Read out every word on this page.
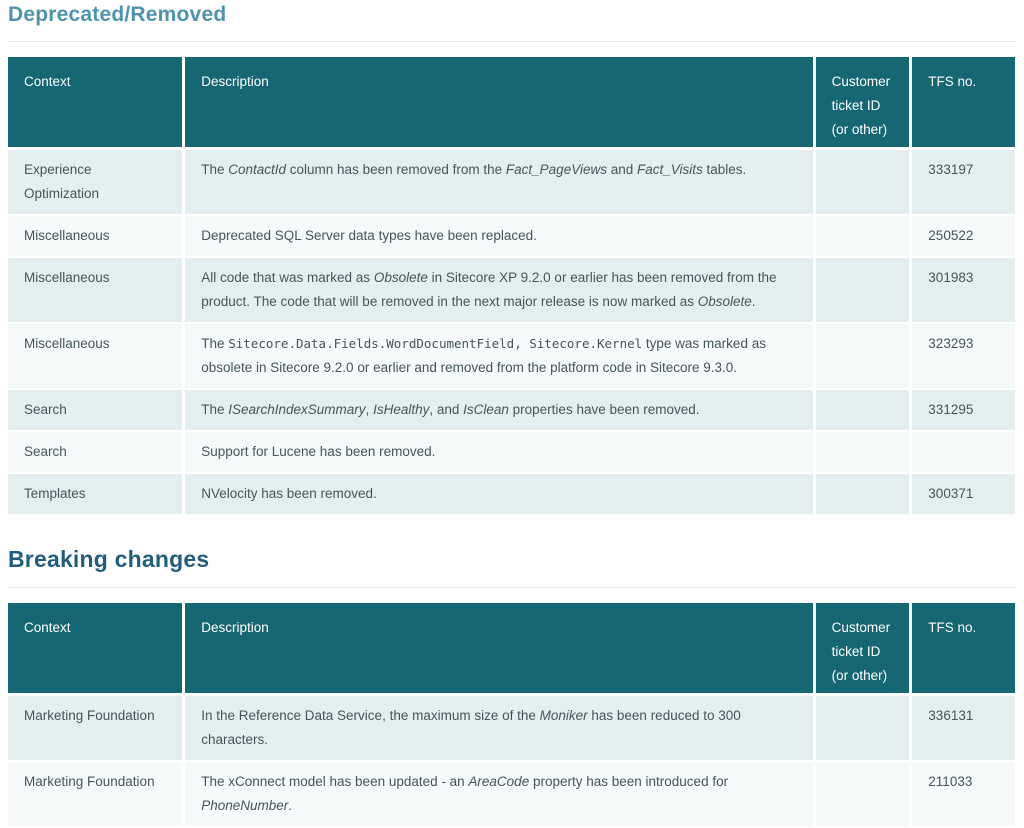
Deprecated/Removed
Context	Description	Customer ticket ID (or other)	TFS no.
Experience Optimization	The ContactId column has been removed from the Fact_PageViews and Fact_Visits tables.		333197
Miscellaneous	Deprecated SQL Server data types have been replaced.		250522
Miscellaneous	All code that was marked as Obsolete in Sitecore XP 9.2.0 or earlier has been removed from the product. The code that will be removed in the next major release is now marked as Obsolete.		301983
Miscellaneous	The Sitecore.Data.Fields.WordDocumentField, Sitecore.Kernel type was marked as obsolete in Sitecore 9.2.0 or earlier and removed from the platform code in Sitecore 9.3.0.		323293
Search	The ISearchIndexSummary, IsHealthy, and IsClean properties have been removed.		331295
Search	Support for Lucene has been removed.		
Templates	NVelocity has been removed.		300371
Breaking changes
Context	Description	Customer ticket ID (or other)	TFS no.
Marketing Foundation	In the Reference Data Service, the maximum size of the Moniker has been reduced to 300 characters.		336131
Marketing Foundation	The xConnect model has been updated - an AreaCode property has been introduced for PhoneNumber.		211033
